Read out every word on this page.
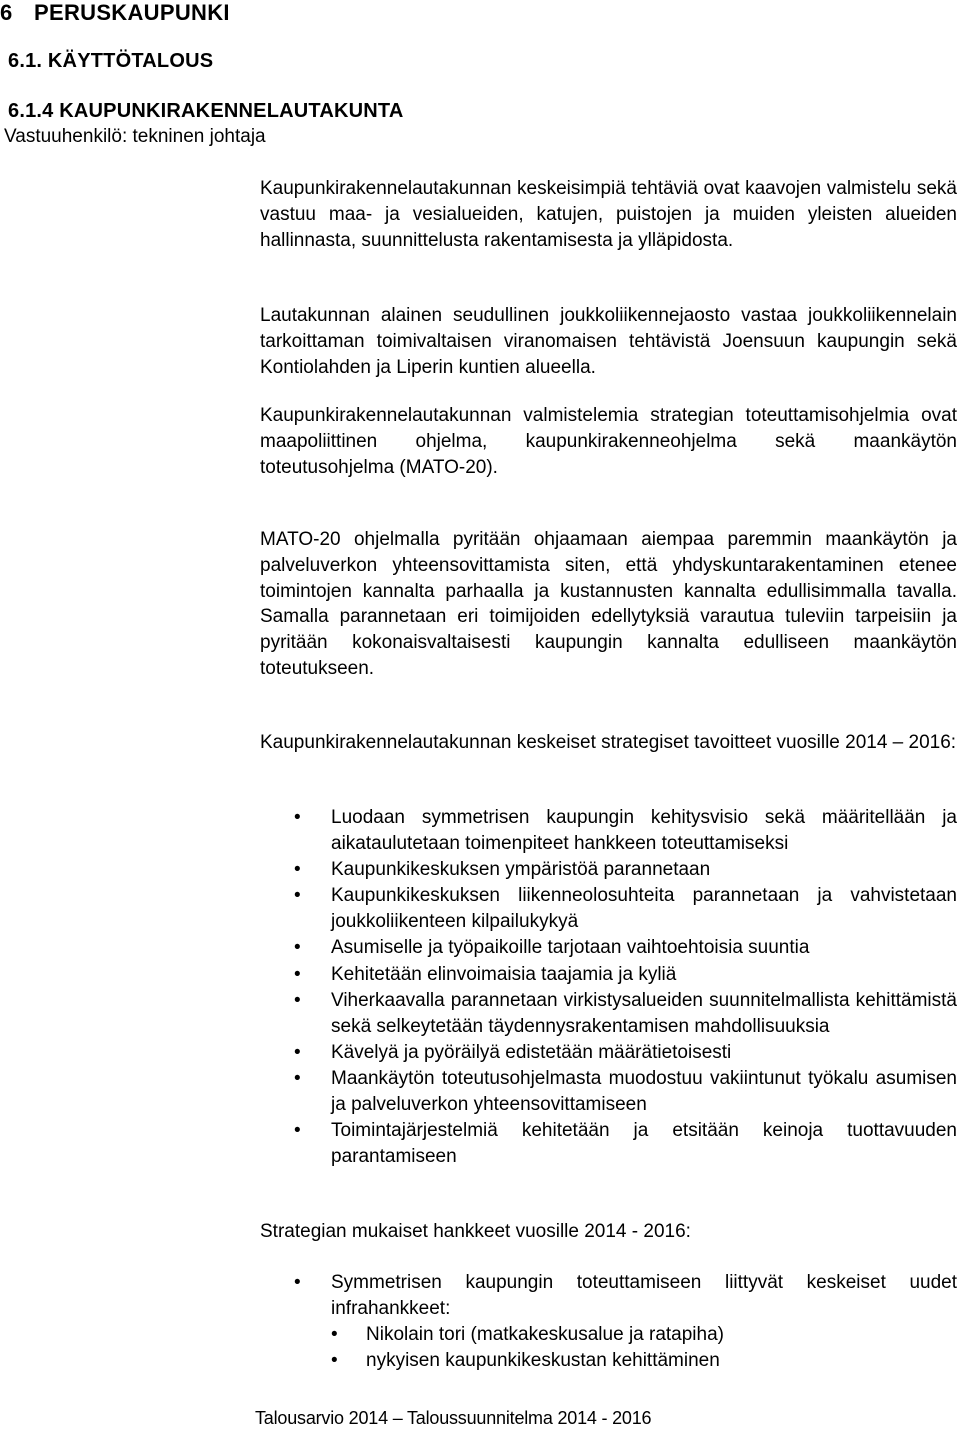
6 PERUSKAUPUNKI
6.1. KÄYTTÖTALOUS
6.1.4 KAUPUNKIRAKENNELAUTAKUNTA
Vastuuhenkilö: tekninen johtaja

Kaupunkirakennelautakunnan keskeisimpiä tehtäviä ovat kaavojen valmistelu sekä vastuu maa- ja vesialueiden, katujen, puistojen ja muiden yleisten alueiden hallinnasta, suunnittelusta rakentamisesta ja ylläpidosta.

Lautakunnan alainen seudullinen joukkoliikennejaosto vastaa joukkoliikennelain tarkoittaman toimivaltaisen viranomaisen tehtävistä Joensuun kaupungin sekä Kontiolahden ja Liperin kuntien alueella.

Kaupunkirakennelautakunnan valmistelemia strategian toteuttamisohjelmia ovat maapoliittinen ohjelma, kaupunkirakenneohjelma sekä maankäytön toteutusohjelma (MATO-20).

MATO-20 ohjelmalla pyritään ohjaamaan aiempaa paremmin maankäytön ja palveluverkon yhteensovittamista siten, että yhdyskuntarakentaminen etenee toimintojen kannalta parhaalla ja kustannusten kannalta edullisimmalla tavalla. Samalla parannetaan eri toimijoiden edellytyksiä varautua tuleviin tarpeisiin ja pyritään kokonaisvaltaisesti kaupungin kannalta edulliseen maankäytön toteutukseen.

Kaupunkirakennelautakunnan keskeiset strategiset tavoitteet vuosille 2014 – 2016:

• Luodaan symmetrisen kaupungin kehitysvisio sekä määritellään ja aikataulutetaan toimenpiteet hankkeen toteuttamiseksi
• Kaupunkikeskuksen ympäristöä parannetaan
• Kaupunkikeskuksen liikenneolosuhteita parannetaan ja vahvistetaan joukkoliikenteen kilpailukykyä
• Asumiselle ja työpaikoille tarjotaan vaihtoehtoisia suuntia
• Kehitetään elinvoimaisia taajamia ja kyliä
• Viherkaavalla parannetaan virkistysalueiden suunnitelmallista kehittämistä sekä selkeytetään täydennysrakentamisen mahdollisuuksia
• Kävelyä ja pyöräilyä edistetään määrätietoisesti
• Maankäytön toteutusohjelmasta muodostuu vakiintunut työkalu asumisen ja palveluverkon yhteensovittamiseen
• Toimintajärjestelmiä kehitetään ja etsitään keinoja tuottavuuden parantamiseen

Strategian mukaiset hankkeet vuosille 2014 - 2016:

• Symmetrisen kaupungin toteuttamiseen liittyvät keskeiset uudet infrahankkeet:
• Nikolain tori (matkakeskusalue ja ratapiha)
• nykyisen kaupunkikeskustan kehittäminen
Talousarvio 2014 – Taloussuunnitelma 2014 - 2016
